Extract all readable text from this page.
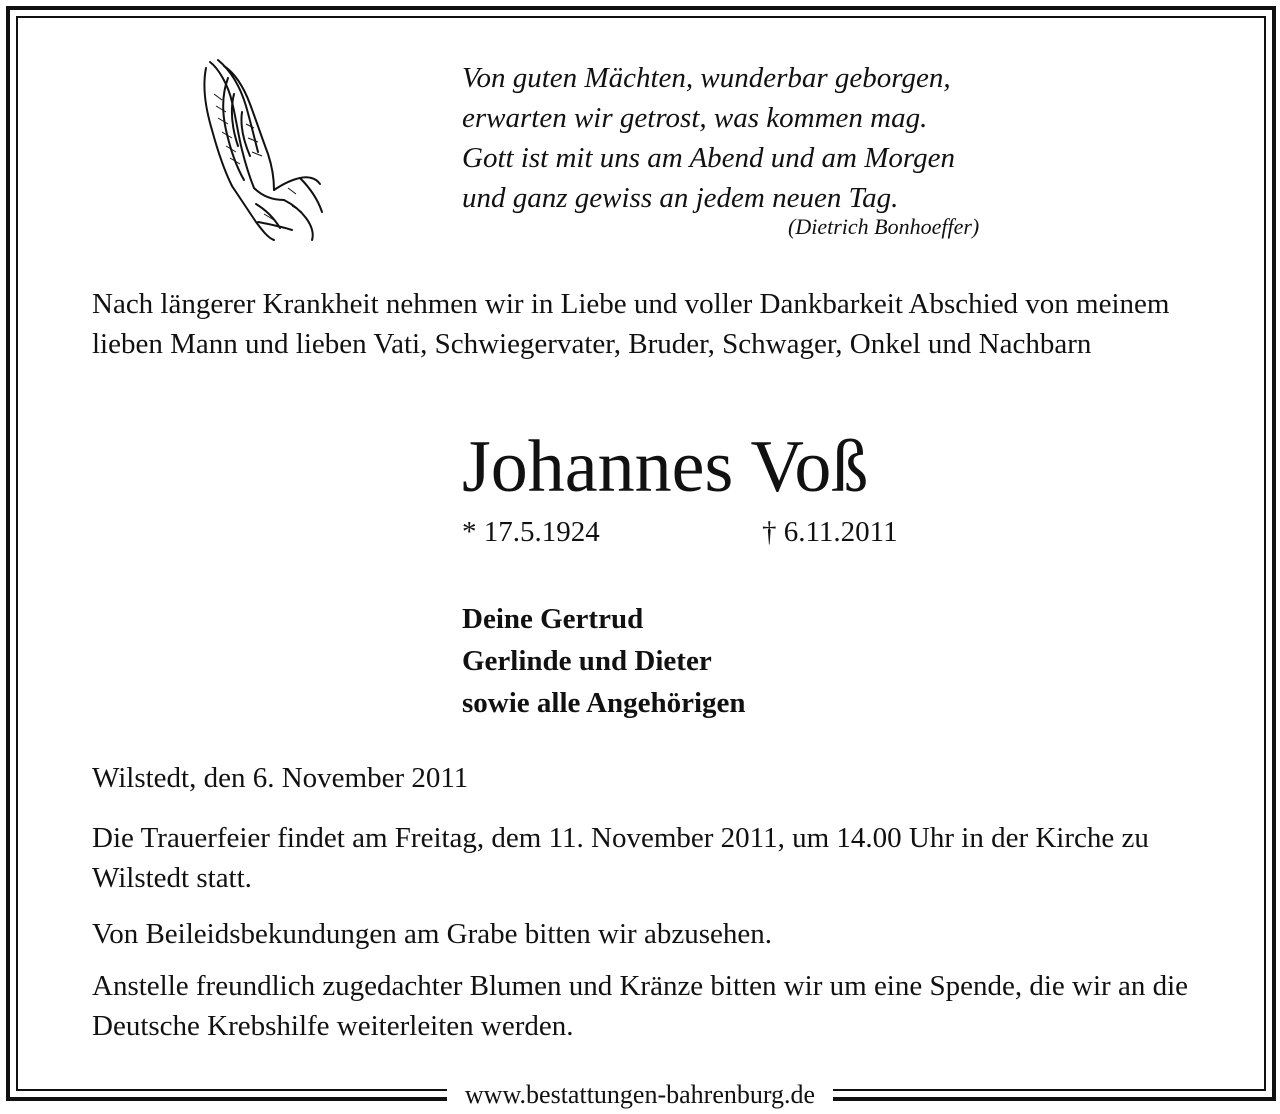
Von guten Mächten, wunderbar geborgen,
erwarten wir getrost, was kommen mag.
Gott ist mit uns am Abend und am Morgen
und ganz gewiss an jedem neuen Tag.
(Dietrich Bonhoeffer)
Nach längerer Krankheit nehmen wir in Liebe und voller Dankbarkeit Abschied von meinem lieben Mann und lieben Vati, Schwiegervater, Bruder, Schwager, Onkel und Nachbarn
Johannes Voß
* 17.5.1924	† 6.11.2011
Deine Gertrud
Gerlinde und Dieter
sowie alle Angehörigen
Wilstedt, den 6. November 2011
Die Trauerfeier findet am Freitag, dem 11. November 2011, um 14.00 Uhr in der Kirche zu Wilstedt statt.
Von Beileidsbekundungen am Grabe bitten wir abzusehen.
Anstelle freundlich zugedachter Blumen und Kränze bitten wir um eine Spende, die wir an die Deutsche Krebshilfe weiterleiten werden.
www.bestattungen-bahrenburg.de
